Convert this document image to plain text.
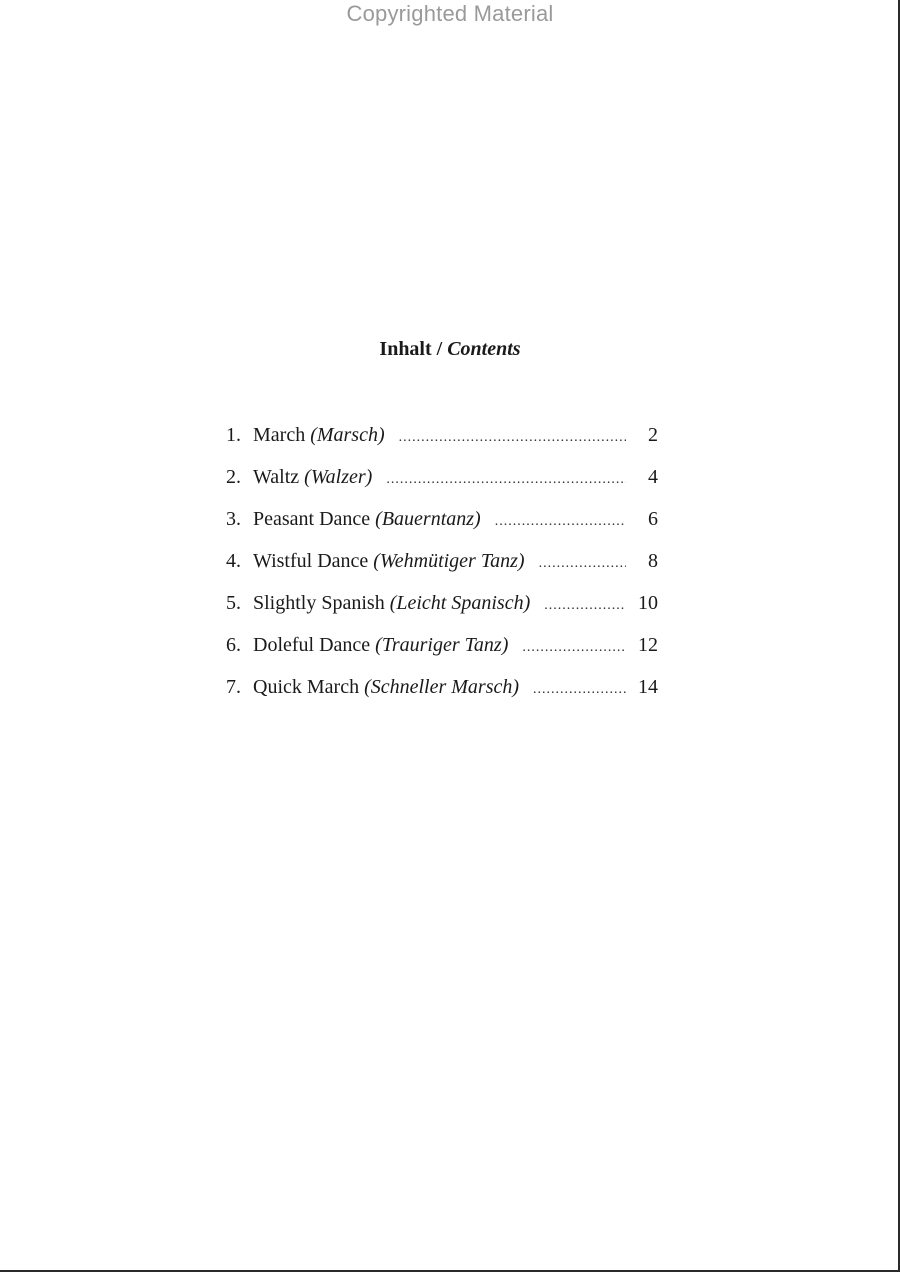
Copyrighted Material
Inhalt / Contents
1. March (Marsch) .....	2
2. Waltz (Walzer) .....	4
3. Peasant Dance (Bauerntanz) .....	6
4. Wistful Dance (Wehmütiger Tanz) .....	8
5. Slightly Spanish (Leicht Spanisch) .....	10
6. Doleful Dance (Trauriger Tanz) .....	12
7. Quick March (Schneller Marsch) .....	14
